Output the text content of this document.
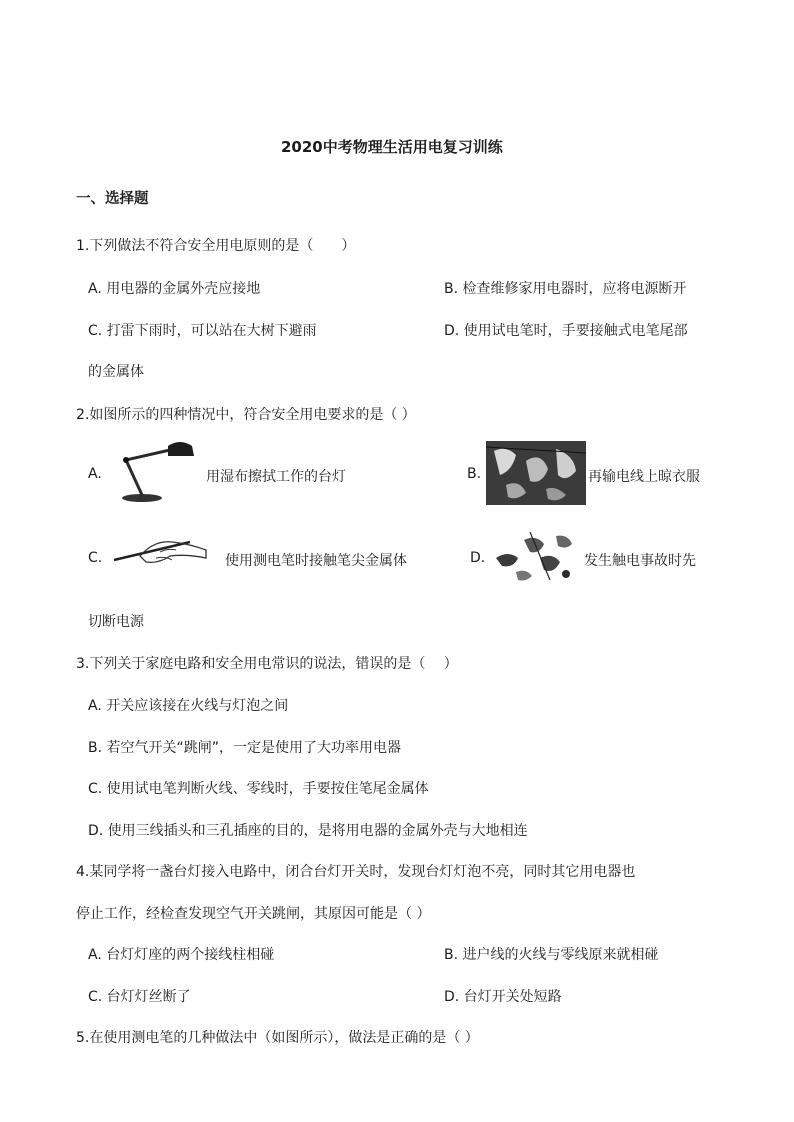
2020中考物理生活用电复习训练
一、选择题
1.下列做法不符合安全用电原则的是（　　）
A. 用电器的金属外壳应接地	B. 检查维修家用电器时，应将电源断开
C. 打雷下雨时，可以站在大树下避雨	D. 使用试电笔时，手要接触式电笔尾部
的金属体
2.如图所示的四种情况中，符合安全用电要求的是（ ）
A.	用湿布擦拭工作的台灯	B.	再输电线上晾衣服
C.	使用测电笔时接触笔尖金属体	D.	发生触电事故时先
切断电源
3.下列关于家庭电路和安全用电常识的说法，错误的是（　 ）
A. 开关应该接在火线与灯泡之间
B. 若空气开关“跳闸”，一定是使用了大功率用电器
C. 使用试电笔判断火线、零线时，手要按住笔尾金属体
D. 使用三线插头和三孔插座的目的，是将用电器的金属外壳与大地相连
4.某同学将一盏台灯接入电路中，闭合台灯开关时，发现台灯灯泡不亮，同时其它用电器也
停止工作，经检查发现空气开关跳闸，其原因可能是（ ）
A. 台灯灯座的两个接线柱相碰	B. 进户线的火线与零线原来就相碰
C. 台灯灯丝断了	D. 台灯开关处短路
5.在使用测电笔的几种做法中（如图所示），做法是正确的是（ ）
